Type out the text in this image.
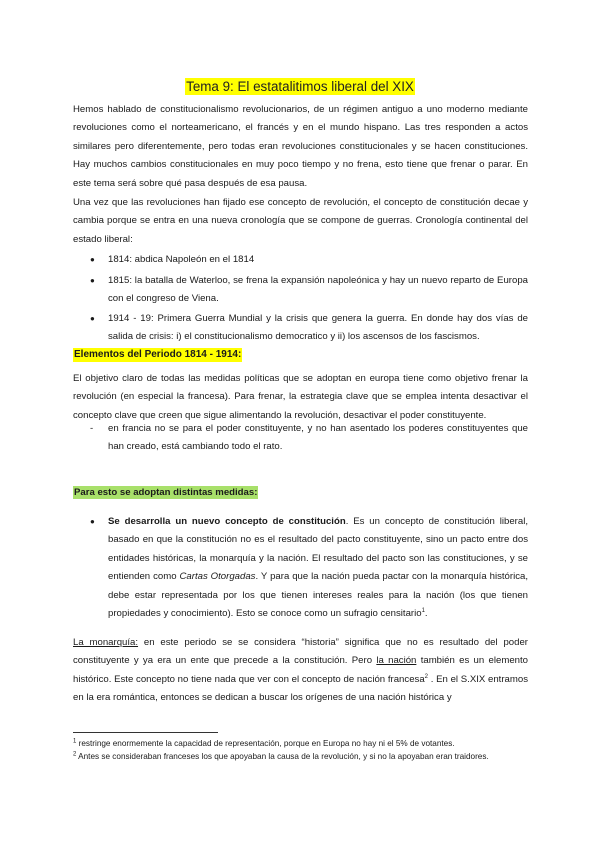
Tema 9: El estatalitimos liberal del XIX

Hemos hablado de constitucionalismo revolucionarios, de un régimen antiguo a uno moderno mediante revoluciones como el norteamericano, el francés y en el mundo hispano. Las tres responden a actos similares pero diferentemente, pero todas eran revoluciones constitucionales y se hacen constituciones. Hay muchos cambios constitucionales en muy poco tiempo y no frena, esto tiene que frenar o parar. En este tema será sobre qué pasa después de esa pausa.

Una vez que las revoluciones han fijado ese concepto de revolución, el concepto de constitución decae y cambia porque se entra en una nueva cronología que se compone de guerras. Cronología continental del estado liberal:

● 1814: abdica Napoleón en el 1814
● 1815: la batalla de Waterloo, se frena la expansión napoleónica y hay un nuevo reparto de Europa con el congreso de Viena.
● 1914 - 19: Primera Guerra Mundial y la crisis que genera la guerra. En donde hay dos vías de salida de crisis: i) el constitucionalismo democratico y ii) los ascensos de los fascismos.
Elementos del Periodo 1814 - 1914:

El objetivo claro de todas las medidas políticas que se adoptan en europa tiene como objetivo frenar la revolución (en especial la francesa). Para frenar, la estrategia clave que se emplea intenta desactivar el concepto clave que creen que sigue alimentando la revolución, desactivar el poder constituyente.

- en francia no se para el poder constituyente, y no han asentado los poderes constituyentes que han creado, está cambiando todo el rato.
Para esto se adoptan distintas medidas:
● Se desarrolla un nuevo concepto de constitución. Es un concepto de constitución liberal, basado en que la constitución no es el resultado del pacto constituyente, sino un pacto entre dos entidades históricas, la monarquía y la nación. El resultado del pacto son las constituciones, y se entienden como Cartas Otorgadas. Y para que la nación pueda pactar con la monarquía histórica, debe estar representada por los que tienen intereses reales para la nación (los que tienen propiedades y conocimiento). Esto se conoce como un sufragio censitario$^1$.

La monarquía: en este periodo se se considera “historia” significa que no es resultado del poder constituyente y ya era un ente que precede a la constitución. Pero la nación también es un elemento histórico. Este concepto no tiene nada que ver con el concepto de nación francesa$^2$ . En el S.XIX entramos en la era romántica, entonces se dedican a buscar los orígenes de una nación histórica y

$^1$ restringe enormemente la capacidad de representación, porque en Europa no hay ni el 5% de votantes.

$^2$ Antes se consideraban franceses los que apoyaban la causa de la revolución, y si no la apoyaban eran traidores.
